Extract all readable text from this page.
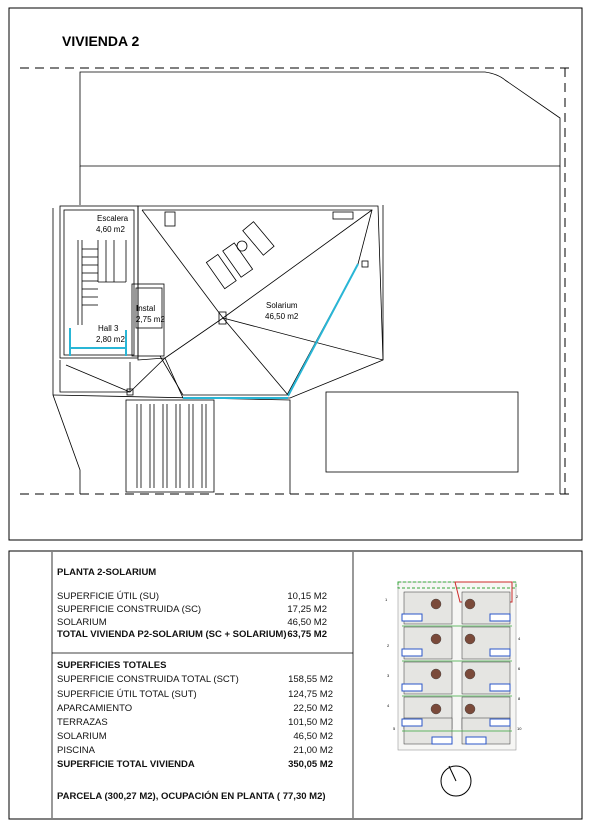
VIVIENDA 2
Escalera
4,60 m2
Instal
2,75 m2
Hall 3
2,80 m2
Solarium
46,50 m2
1
2
3
4
5
2
4
6
8
10
PLANTA 2-SOLARIUM
SUPERFICIE ÚTIL (SU)	10,15 M2
SUPERFICIE CONSTRUIDA (SC)	17,25 M2
SOLARIUM	46,50 M2
TOTAL VIVIENDA P2-SOLARIUM (SC + SOLARIUM) 63,75 M2
SUPERFICIES TOTALES
SUPERFICIE CONSTRUIDA TOTAL (SCT)	158,55 M2
SUPERFICIE ÚTIL TOTAL (SUT)	124,75 M2
APARCAMIENTO	22,50 M2
TERRAZAS	101,50 M2
SOLARIUM	46,50 M2
PISCINA	21,00 M2
SUPERFICIE TOTAL VIVIENDA	350,05 M2
PARCELA (300,27 M2), OCUPACIÓN EN PLANTA ( 77,30 M2)
